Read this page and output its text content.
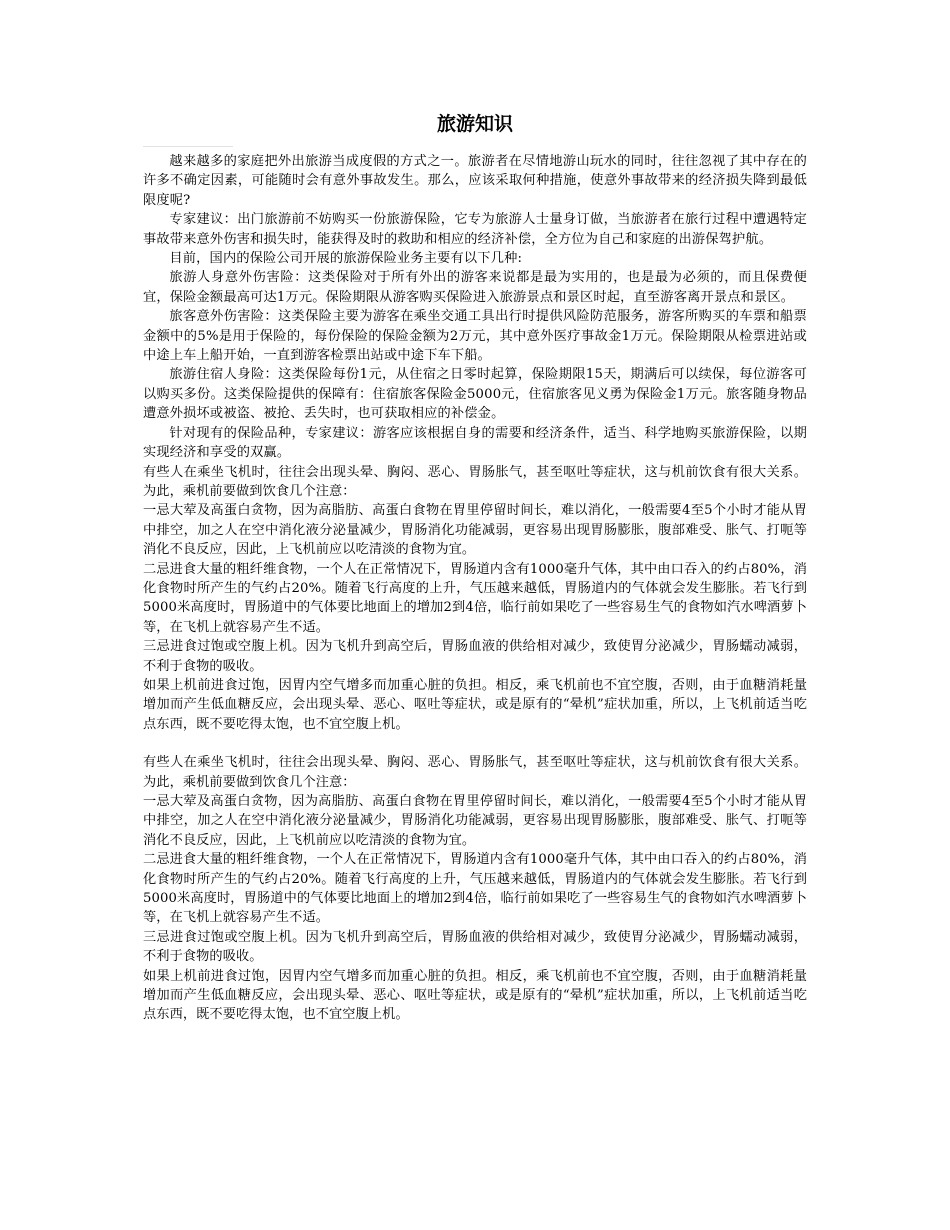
旅游知识

越来越多的家庭把外出旅游当成度假的方式之一。旅游者在尽情地游山玩水的同时，往往忽视了其中存在的许多不确定因素，可能随时会有意外事故发生。那么，应该采取何种措施，使意外事故带来的经济损失降到最低限度呢?

专家建议：出门旅游前不妨购买一份旅游保险，它专为旅游人士量身订做，当旅游者在旅行过程中遭遇特定事故带来意外伤害和损失时，能获得及时的救助和相应的经济补偿，全方位为自己和家庭的出游保驾护航。

目前，国内的保险公司开展的旅游保险业务主要有以下几种:

旅游人身意外伤害险：这类保险对于所有外出的游客来说都是最为实用的，也是最为必须的，而且保费便宜，保险金额最高可达1万元。保险期限从游客购买保险进入旅游景点和景区时起，直至游客离开景点和景区。

旅客意外伤害险：这类保险主要为游客在乘坐交通工具出行时提供风险防范服务，游客所购买的车票和船票金额中的5%是用于保险的，每份保险的保险金额为2万元，其中意外医疗事故金1万元。保险期限从检票进站或中途上车上船开始，一直到游客检票出站或中途下车下船。

旅游住宿人身险：这类保险每份1元，从住宿之日零时起算，保险期限15天，期满后可以续保，每位游客可以购买多份。这类保险提供的保障有：住宿旅客保险金5000元，住宿旅客见义勇为保险金1万元。旅客随身物品遭意外损坏或被盗、被抢、丢失时，也可获取相应的补偿金。

针对现有的保险品种，专家建议：游客应该根据自身的需要和经济条件，适当、科学地购买旅游保险，以期实现经济和享受的双赢。

有些人在乘坐飞机时，往往会出现头晕、胸闷、恶心、胃肠胀气，甚至呕吐等症状，这与机前饮食有很大关系。为此，乘机前要做到饮食几个注意：

一忌大荤及高蛋白贪物，因为高脂肪、高蛋白食物在胃里停留时间长，难以消化，一般需要4至5个小时才能从胃中排空，加之人在空中消化液分泌量减少，胃肠消化功能减弱，更容易出现胃肠膨胀，腹部难受、胀气、打呃等消化不良反应，因此，上飞机前应以吃清淡的食物为宜。

二忌进食大量的粗纤维食物，一个人在正常情况下，胃肠道内含有1000毫升气体，其中由口吞入的约占80%，消化食物时所产生的气约占20%。随着飞行高度的上升，气压越来越低，胃肠道内的气体就会发生膨胀。若飞行到5000米高度时，胃肠道中的气体要比地面上的增加2到4倍，临行前如果吃了一些容易生气的食物如汽水啤酒萝卜等，在飞机上就容易产生不适。

三忌进食过饱或空腹上机。因为飞机升到高空后，胃肠血液的供给相对减少，致使胃分泌减少，胃肠蠕动减弱，不利于食物的吸收。

如果上机前进食过饱，因胃内空气增多而加重心脏的负担。相反，乘飞机前也不宜空腹，否则，由于血糖消耗量增加而产生低血糖反应，会出现头晕、恶心、呕吐等症状，或是原有的“晕机”症状加重，所以，上飞机前适当吃点东西，既不要吃得太饱，也不宜空腹上机。

有些人在乘坐飞机时，往往会出现头晕、胸闷、恶心、胃肠胀气，甚至呕吐等症状，这与机前饮食有很大关系。为此，乘机前要做到饮食几个注意：

一忌大荤及高蛋白贪物，因为高脂肪、高蛋白食物在胃里停留时间长，难以消化，一般需要4至5个小时才能从胃中排空，加之人在空中消化液分泌量减少，胃肠消化功能减弱，更容易出现胃肠膨胀，腹部难受、胀气、打呃等消化不良反应，因此，上飞机前应以吃清淡的食物为宜。

二忌进食大量的粗纤维食物，一个人在正常情况下，胃肠道内含有1000毫升气体，其中由口吞入的约占80%，消化食物时所产生的气约占20%。随着飞行高度的上升，气压越来越低，胃肠道内的气体就会发生膨胀。若飞行到5000米高度时，胃肠道中的气体要比地面上的增加2到4倍，临行前如果吃了一些容易生气的食物如汽水啤酒萝卜等，在飞机上就容易产生不适。

三忌进食过饱或空腹上机。因为飞机升到高空后，胃肠血液的供给相对减少，致使胃分泌减少，胃肠蠕动减弱，不利于食物的吸收。

如果上机前进食过饱，因胃内空气增多而加重心脏的负担。相反，乘飞机前也不宜空腹，否则，由于血糖消耗量增加而产生低血糖反应，会出现头晕、恶心、呕吐等症状，或是原有的“晕机”症状加重，所以，上飞机前适当吃点东西，既不要吃得太饱，也不宜空腹上机。
